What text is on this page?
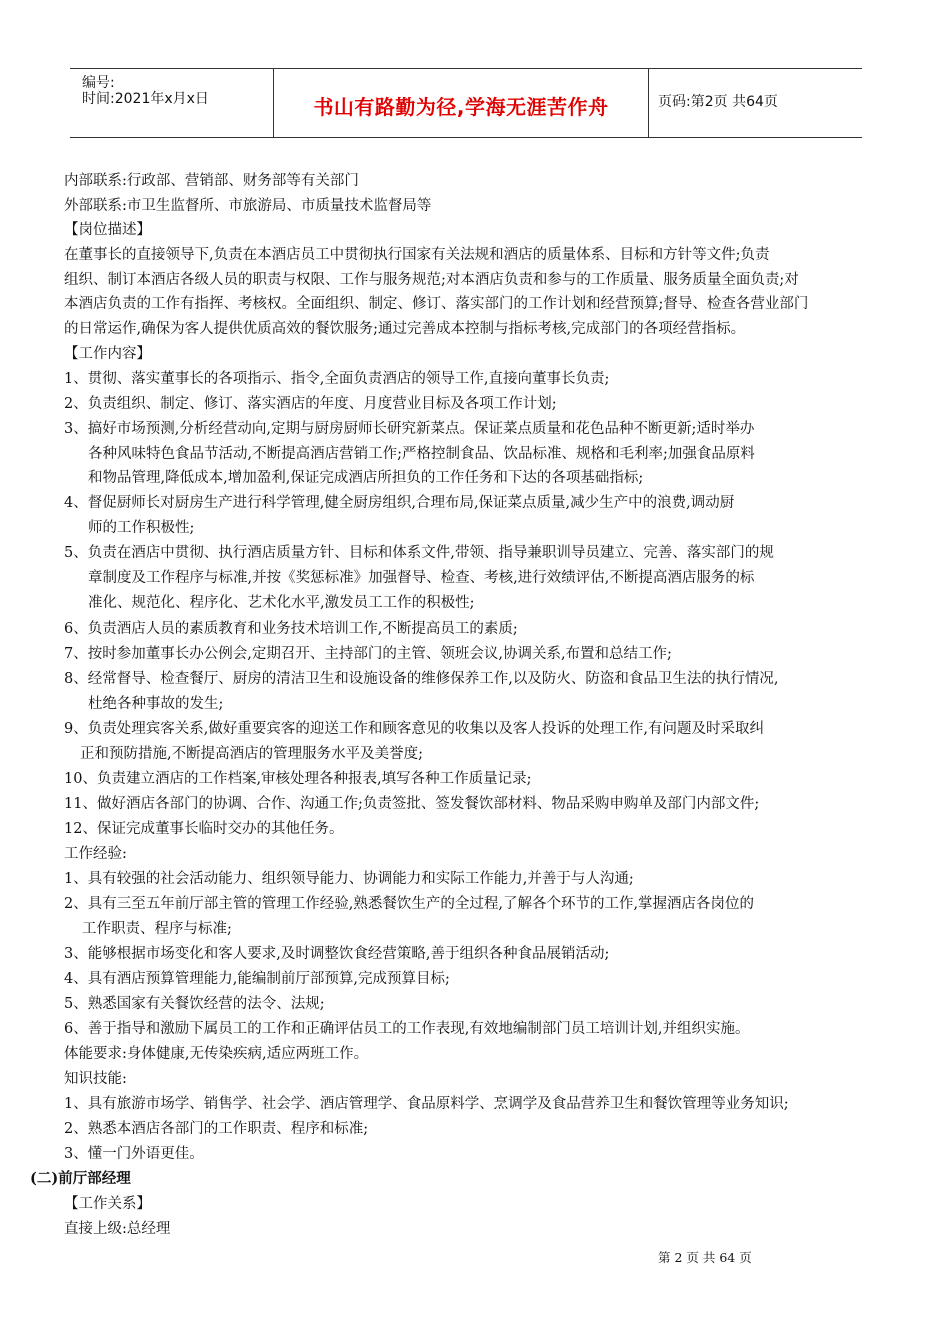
编号:
时间:2021年x月x日	书山有路勤为径,学海无涯苦作舟	页码:第2页 共64页
内部联系:行政部、营销部、财务部等有关部门
外部联系:市卫生监督所、市旅游局、市质量技术监督局等
【岗位描述】
在董事长的直接领导下,负责在本酒店员工中贯彻执行国家有关法规和酒店的质量体系、目标和方针等文件;负责
组织、制订本酒店各级人员的职责与权限、工作与服务规范;对本酒店负责和参与的工作质量、服务质量全面负责;对
本酒店负责的工作有指挥、考核权。全面组织、制定、修订、落实部门的工作计划和经营预算;督导、检查各营业部门
的日常运作,确保为客人提供优质高效的餐饮服务;通过完善成本控制与指标考核,完成部门的各项经营指标。
【工作内容】
1、贯彻、落实董事长的各项指示、指令,全面负责酒店的领导工作,直接向董事长负责;
2、负责组织、制定、修订、落实酒店的年度、月度营业目标及各项工作计划;
3、搞好市场预测,分析经营动向,定期与厨房厨师长研究新菜点。保证菜点质量和花色品种不断更新;适时举办
各种风味特色食品节活动,不断提高酒店营销工作;严格控制食品、饮品标准、规格和毛利率;加强食品原料
和物品管理,降低成本,增加盈利,保证完成酒店所担负的工作任务和下达的各项基础指标;
4、督促厨师长对厨房生产进行科学管理,健全厨房组织,合理布局,保证菜点质量,减少生产中的浪费,调动厨
师的工作积极性;
5、负责在酒店中贯彻、执行酒店质量方针、目标和体系文件,带领、指导兼职训导员建立、完善、落实部门的规
章制度及工作程序与标准,并按《奖惩标准》加强督导、检查、考核,进行效绩评估,不断提高酒店服务的标
准化、规范化、程序化、艺术化水平,激发员工工作的积极性;
6、负责酒店人员的素质教育和业务技术培训工作,不断提高员工的素质;
7、按时参加董事长办公例会,定期召开、主持部门的主管、领班会议,协调关系,布置和总结工作;
8、经常督导、检查餐厅、厨房的清洁卫生和设施设备的维修保养工作,以及防火、防盗和食品卫生法的执行情况,
杜绝各种事故的发生;
9、负责处理宾客关系,做好重要宾客的迎送工作和顾客意见的收集以及客人投诉的处理工作,有问题及时采取纠
正和预防措施,不断提高酒店的管理服务水平及美誉度;
10、负责建立酒店的工作档案,审核处理各种报表,填写各种工作质量记录;
11、做好酒店各部门的协调、合作、沟通工作;负责签批、签发餐饮部材料、物品采购申购单及部门内部文件;
12、保证完成董事长临时交办的其他任务。
工作经验:
1、具有较强的社会活动能力、组织领导能力、协调能力和实际工作能力,并善于与人沟通;
2、具有三至五年前厅部主管的管理工作经验,熟悉餐饮生产的全过程,了解各个环节的工作,掌握酒店各岗位的
工作职责、程序与标准;
3、能够根据市场变化和客人要求,及时调整饮食经营策略,善于组织各种食品展销活动;
4、具有酒店预算管理能力,能编制前厅部预算,完成预算目标;
5、熟悉国家有关餐饮经营的法令、法规;
6、善于指导和激励下属员工的工作和正确评估员工的工作表现,有效地编制部门员工培训计划,并组织实施。
体能要求:身体健康,无传染疾病,适应两班工作。
知识技能:
1、具有旅游市场学、销售学、社会学、酒店管理学、食品原料学、烹调学及食品营养卫生和餐饮管理等业务知识;
2、熟悉本酒店各部门的工作职责、程序和标准;
3、懂一门外语更佳。
(二)前厅部经理
【工作关系】
直接上级:总经理
第 2 页 共 64 页
